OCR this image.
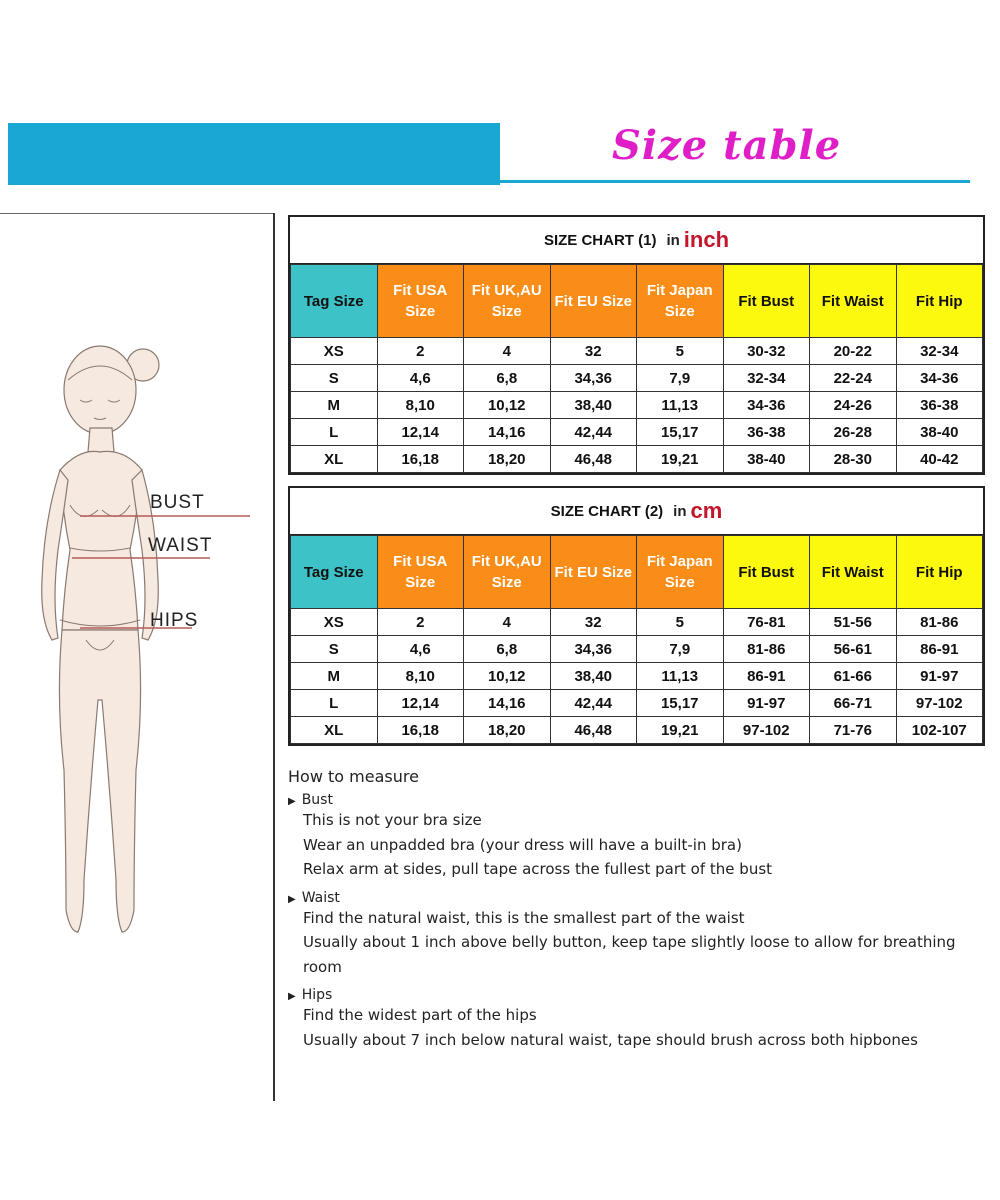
Size table
BUST
WAIST
HIPS
SIZE CHART (1) in inch
Tag Size	Fit USA Size	Fit UK,AU Size	Fit EU Size	Fit Japan Size	Fit Bust	Fit Waist	Fit Hip
XS	2	4	32	5	30-32	20-22	32-34
S	4,6	6,8	34,36	7,9	32-34	22-24	34-36
M	8,10	10,12	38,40	11,13	34-36	24-26	36-38
L	12,14	14,16	42,44	15,17	36-38	26-28	38-40
XL	16,18	18,20	46,48	19,21	38-40	28-30	40-42
SIZE CHART (2) in cm
Tag Size	Fit USA Size	Fit UK,AU Size	Fit EU Size	Fit Japan Size	Fit Bust	Fit Waist	Fit Hip
XS	2	4	32	5	76-81	51-56	81-86
S	4,6	6,8	34,36	7,9	81-86	56-61	86-91
M	8,10	10,12	38,40	11,13	86-91	61-66	91-97
L	12,14	14,16	42,44	15,17	91-97	66-71	97-102
XL	16,18	18,20	46,48	19,21	97-102	71-76	102-107
How to measure
▶ Bust
This is not your bra size
Wear an unpadded bra (your dress will have a built-in bra)
Relax arm at sides, pull tape across the fullest part of the bust
▶ Waist
Find the natural waist, this is the smallest part of the waist
Usually about 1 inch above belly button, keep tape slightly loose to allow for breathing room
▶ Hips
Find the widest part of the hips
Usually about 7 inch below natural waist, tape should brush across both hipbones
